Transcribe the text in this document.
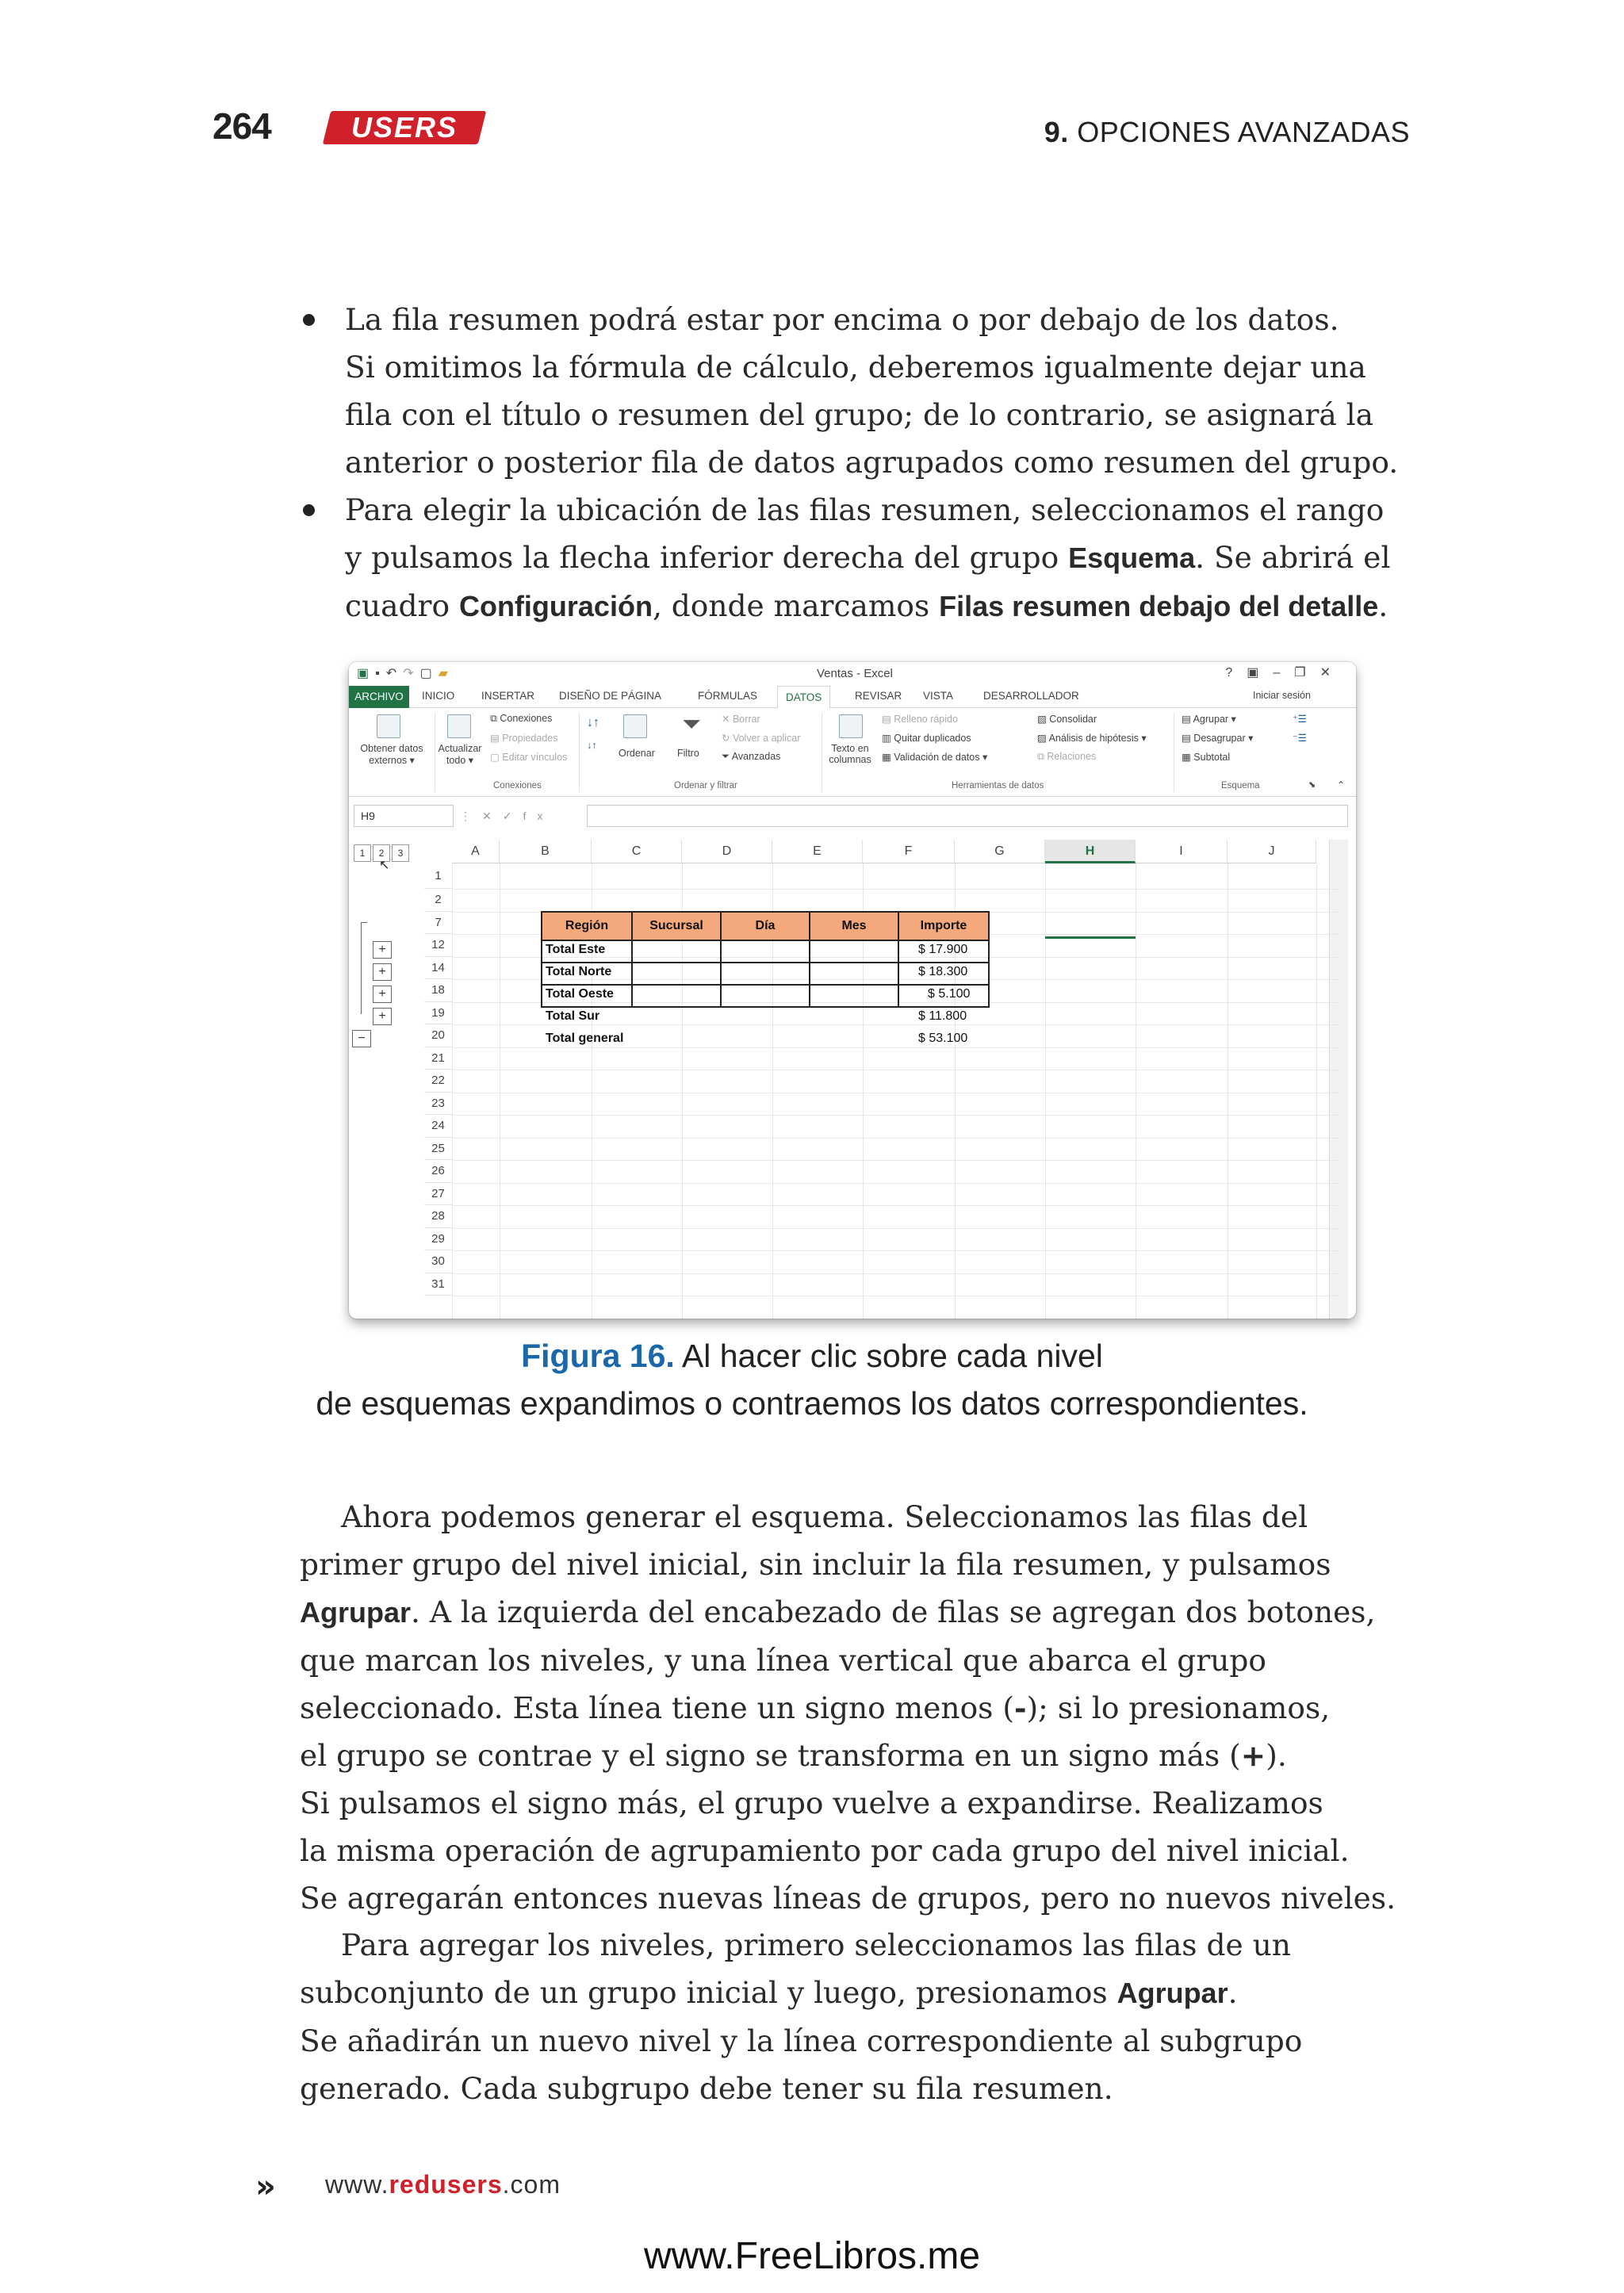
264	USERS	9. OPCIONES AVANZADAS
La fila resumen podrá estar por encima o por debajo de los datos.
Si omitimos la fórmula de cálculo, deberemos igualmente dejar una
fila con el título o resumen del grupo; de lo contrario, se asignará la
anterior o posterior fila de datos agrupados como resumen del grupo.
Para elegir la ubicación de las filas resumen, seleccionamos el rango
y pulsamos la flecha inferior derecha del grupo Esquema. Se abrirá el
cuadro Configuración, donde marcamos Filas resumen debajo del detalle.
▣▪↶↷▢▰	Ventas - Excel	?▣–❐✕
ARCHIVO	INICIO INSERTAR DISEÑO DE PÁGINA	FÓRMULAS	DATOS	REVISAR VISTA	DESARROLLADOR	Iniciar sesión
Obtener datos
externos ▾
Actualizar
todo ▾
⧉ Conexiones
▤ Propiedades
▢ Editar vínculos
Conexiones
↓↑
↓↑
Ordenar
⏷
Filtro
✕ Borrar
↻ Volver a aplicar
⏷ Avanzadas
Ordenar y filtrar
Texto en
columnas
▤ Relleno rápido
▥ Quitar duplicados
▦ Validación de datos ▾
▧ Consolidar
▨ Análisis de hipótesis ▾
⧉ Relaciones
Herramientas de datos
▤ Agrupar ▾
▤ Desagrupar ▾
▦ Subtotal
⁺☰
⁻☰
Esquema	⬊ ⌃
H9	⋮✕✓fx
1	2	3
↖
A	B	C	D	E	F	G	H	I	J
1
2
7
12
14
18
19
20
21
22
23
24
25
26
27
28
29
30
31
+
+
+
+
−
Región	Sucursal	Día	Mes	Importe
Total Este	$ 17.900
Total Norte	$ 18.300
Total Oeste	$ 5.100
Total Sur	$ 11.800
Total general	$ 53.100
Figura 16. Al hacer clic sobre cada nivel
de esquemas expandimos o contraemos los datos correspondientes.
Ahora podemos generar el esquema. Seleccionamos las filas del
primer grupo del nivel inicial, sin incluir la fila resumen, y pulsamos
Agrupar. A la izquierda del encabezado de filas se agregan dos botones,
que marcan los niveles, y una línea vertical que abarca el grupo
seleccionado. Esta línea tiene un signo menos (-); si lo presionamos,
el grupo se contrae y el signo se transforma en un signo más (+).
Si pulsamos el signo más, el grupo vuelve a expandirse. Realizamos
la misma operación de agrupamiento por cada grupo del nivel inicial.
Se agregarán entonces nuevas líneas de grupos, pero no nuevos niveles.
Para agregar los niveles, primero seleccionamos las filas de un
subconjunto de un grupo inicial y luego, presionamos Agrupar.
Se añadirán un nuevo nivel y la línea correspondiente al subgrupo
generado. Cada subgrupo debe tener su fila resumen.
» www.redusers.com
www.FreeLibros.me
